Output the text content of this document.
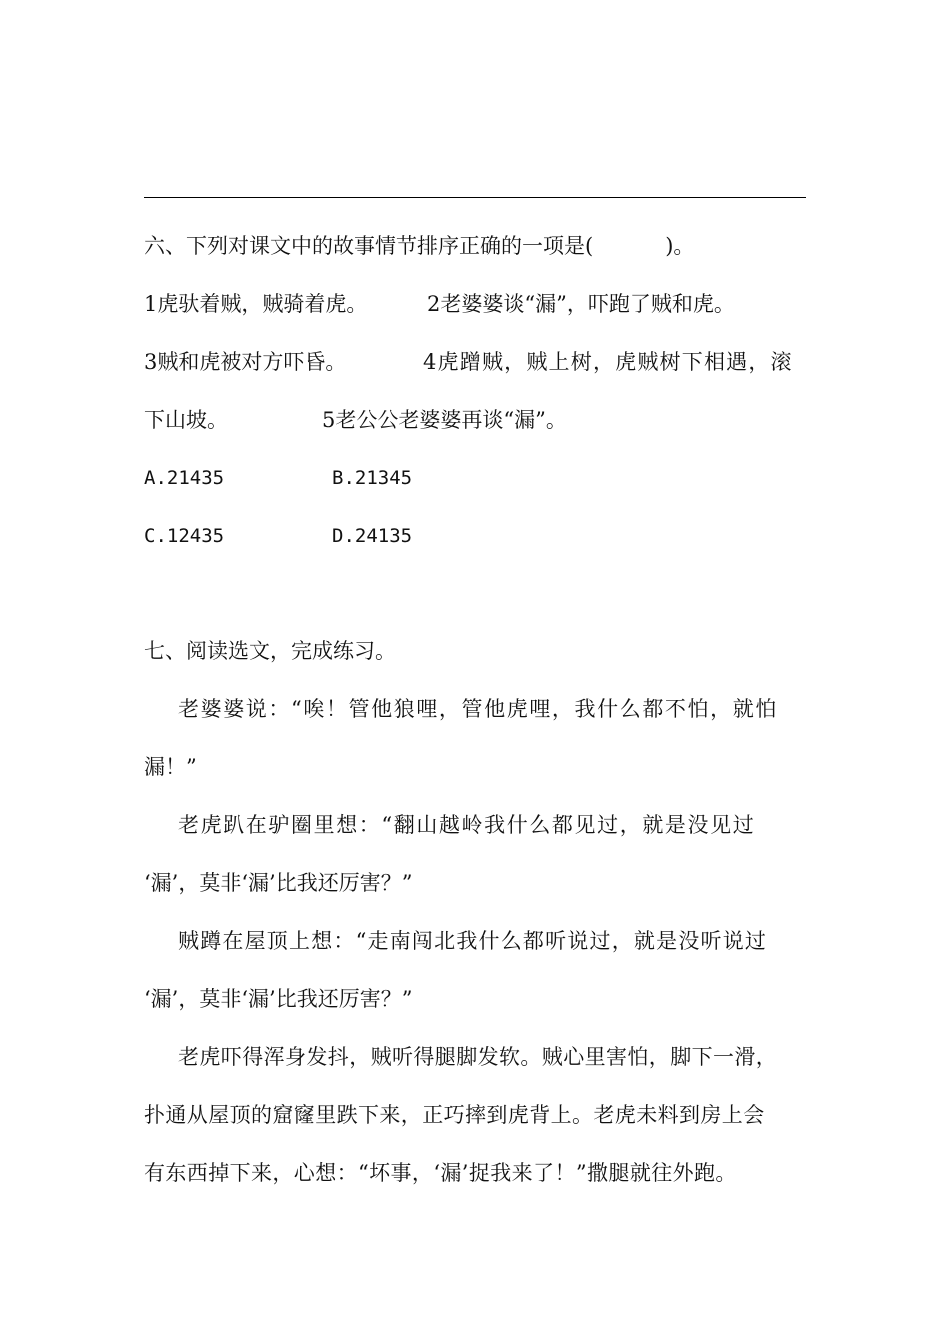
六、下列对课文中的故事情节排序正确的一项是(	)。
1虎驮着贼，贼骑着虎。	2老婆婆谈“漏”，吓跑了贼和虎。
3贼和虎被对方吓昏。	4虎蹭贼，贼上树，虎贼树下相遇，滚
下山坡。	5老公公老婆婆再谈“漏”。
A.21435	B.21345
C.12435	D.24135
七、阅读选文，完成练习。
老婆婆说：“唉！管他狼哩，管他虎哩，我什么都不怕，就怕
漏！”
老虎趴在驴圈里想：“翻山越岭我什么都见过，就是没见过
‘漏’，莫非‘漏’比我还厉害？”
贼蹲在屋顶上想：“走南闯北我什么都听说过，就是没听说过
‘漏’，莫非‘漏’比我还厉害？”
老虎吓得浑身发抖，贼听得腿脚发软。贼心里害怕，脚下一滑，
扑通从屋顶的窟窿里跌下来，正巧摔到虎背上。老虎未料到房上会
有东西掉下来，心想：“坏事，‘漏’捉我来了！”撒腿就往外跑。
